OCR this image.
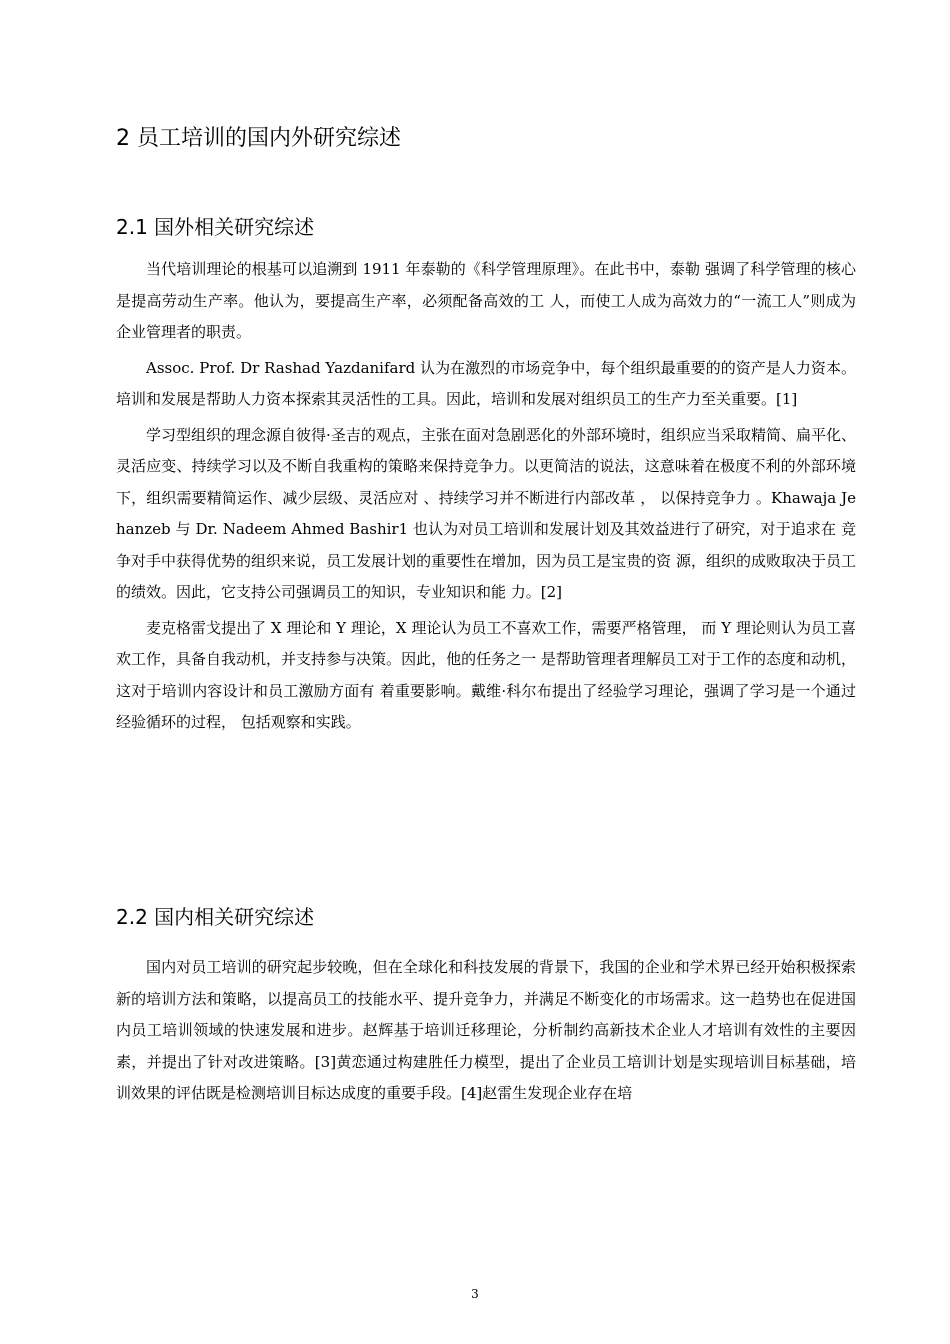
2 员工培训的国内外研究综述
2.1 国外相关研究综述

当代培训理论的根基可以追溯到 1911 年泰勒的《科学管理原理》。在此书中，泰勒 强调了科学管理的核心是提高劳动生产率。他认为，要提高生产率，必须配备高效的工 人，而使工人成为高效力的“一流工人”则成为企业管理者的职责。

Assoc. Prof. Dr Rashad Yazdanifard 认为在激烈的市场竞争中，每个组织最重要的的资产是人力资本。培训和发展是帮助人力资本探索其灵活性的工具。因此，培训和发展对组织员工的生产力至关重要。[1]

学习型组织的理念源自彼得·圣吉的观点，主张在面对急剧恶化的外部环境时，组织应当采取精简、扁平化、灵活应变、持续学习以及不断自我重构的策略来保持竞争力。以更简洁的说法，这意味着在极度不利的外部环境下，组织需要精简运作、减少层级、灵活应对 、持续学习并不断进行内部改革 ， 以保持竞争力 。Khawaja Jehanzeb 与 Dr. Nadeem Ahmed Bashir1 也认为对员工培训和发展计划及其效益进行了研究，对于追求在 竞争对手中获得优势的组织来说，员工发展计划的重要性在增加，因为员工是宝贵的资 源，组织的成败取决于员工的绩效。因此，它支持公司强调员工的知识，专业知识和能 力。[2]

麦克格雷戈提出了 X 理论和 Y 理论，X 理论认为员工不喜欢工作，需要严格管理， 而 Y 理论则认为员工喜欢工作，具备自我动机，并支持参与决策。因此，他的任务之一 是帮助管理者理解员工对于工作的态度和动机，这对于培训内容设计和员工激励方面有 着重要影响。戴维·科尔布提出了经验学习理论，强调了学习是一个通过经验循环的过程， 包括观察和实践。

2.2 国内相关研究综述

国内对员工培训的研究起步较晚，但在全球化和科技发展的背景下，我国的企业和学术界已经开始积极探索新的培训方法和策略，以提高员工的技能水平、提升竞争力，并满足不断变化的市场需求。这一趋势也在促进国内员工培训领域的快速发展和进步。赵辉基于培训迁移理论，分析制约高新技术企业人才培训有效性的主要因素，并提出了针对改进策略。[3]黄恋通过构建胜任力模型，提出了企业员工培训计划是实现培训目标基础，培训效果的评估既是检测培训目标达成度的重要手段。[4]赵雷生发现企业存在培

3
